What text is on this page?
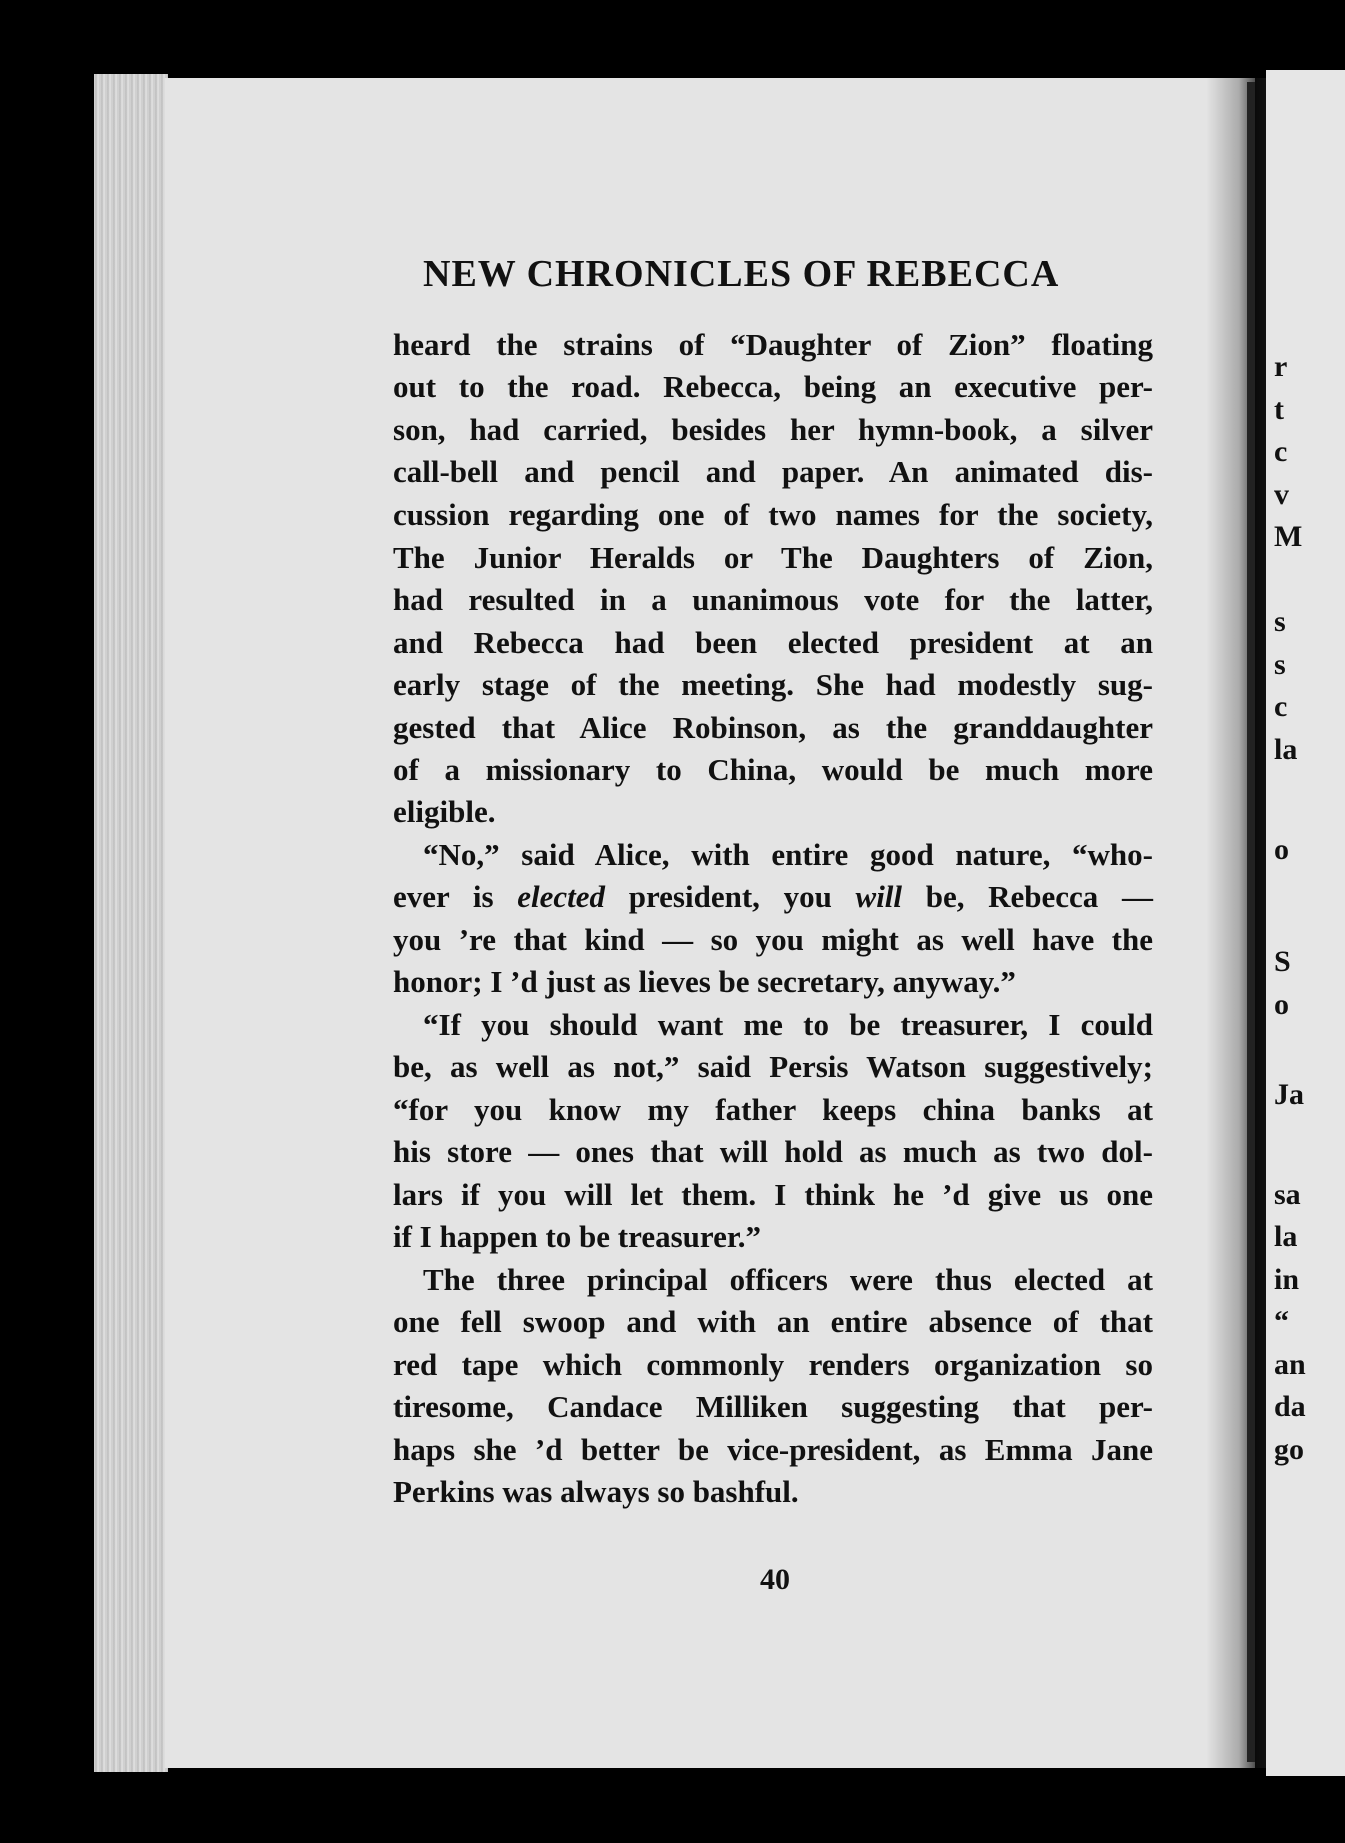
NEW CHRONICLES OF REBECCA
heard the strains of “Daughter of Zion” floating
out to the road. Rebecca, being an executive per-
son, had carried, besides her hymn-book, a silver
call-bell and pencil and paper. An animated dis-
cussion regarding one of two names for the society,
The Junior Heralds or The Daughters of Zion,
had resulted in a unanimous vote for the latter,
and Rebecca had been elected president at an
early stage of the meeting. She had modestly sug-
gested that Alice Robinson, as the granddaughter
of a missionary to China, would be much more
eligible.
“No,” said Alice, with entire good nature, “who-
ever is elected president, you will be, Rebecca —
you ’re that kind — so you might as well have the
honor; I ’d just as lieves be secretary, anyway.”
“If you should want me to be treasurer, I could
be, as well as not,” said Persis Watson suggestively;
“for you know my father keeps china banks at
his store — ones that will hold as much as two dol-
lars if you will let them. I think he ’d give us one
if I happen to be treasurer.”
The three principal officers were thus elected at
one fell swoop and with an entire absence of that
red tape which commonly renders organization so
tiresome, Candace Milliken suggesting that per-
haps she ’d better be vice-president, as Emma Jane
Perkins was always so bashful.
40
r
t
c
v
M
s
s
c
la
o
S
o
Ja
sa
la
in
“
an
da
go
